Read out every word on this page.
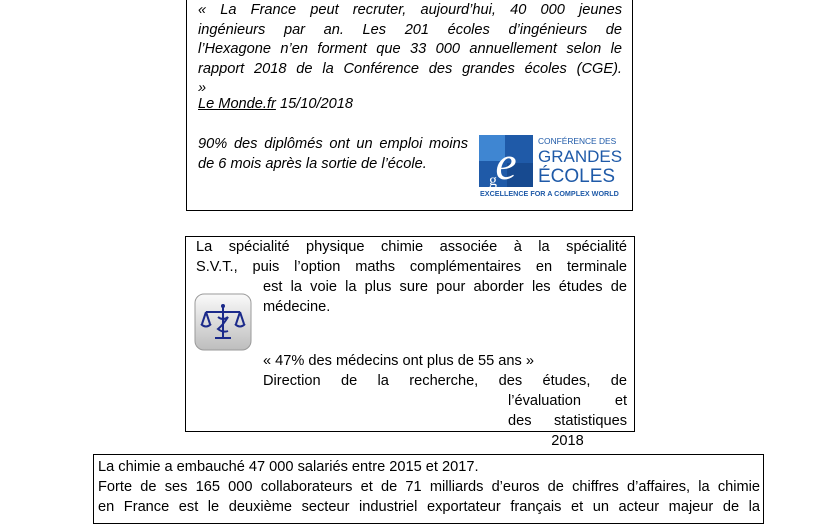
« La France peut recruter, aujourd’hui, 40 000 jeunes
ingénieurs par an. Les 201 écoles d’ingénieurs de
l’Hexagone n’en forment que 33 000 annuellement selon le
rapport 2018 de la Conférence des grandes écoles (CGE).
»
Le Monde.fr 15/10/2018
90% des diplômés ont un emploi moins de 6 mois après la sortie de l’école.	e
g
CONFÉRENCE DES
GRANDES
ÉCOLES
EXCELLENCE FOR A COMPLEX WORLD
La spécialité physique chimie associée à la spécialité
S.V.T., puis l’option maths complémentaires en terminale
est la voie la plus sure pour aborder les études de
médecine.
« 47% des médecins ont plus de 55 ans »
Direction de la recherche, des études, de
l’évaluation et
des statistiques
2018
La chimie a embauché 47 000 salariés entre 2015 et 2017.
Forte de ses 165 000 collaborateurs et de 71 milliards d’euros de chiffres d’affaires, la chimie
en France est le deuxième secteur industriel exportateur français et un acteur majeur de la
